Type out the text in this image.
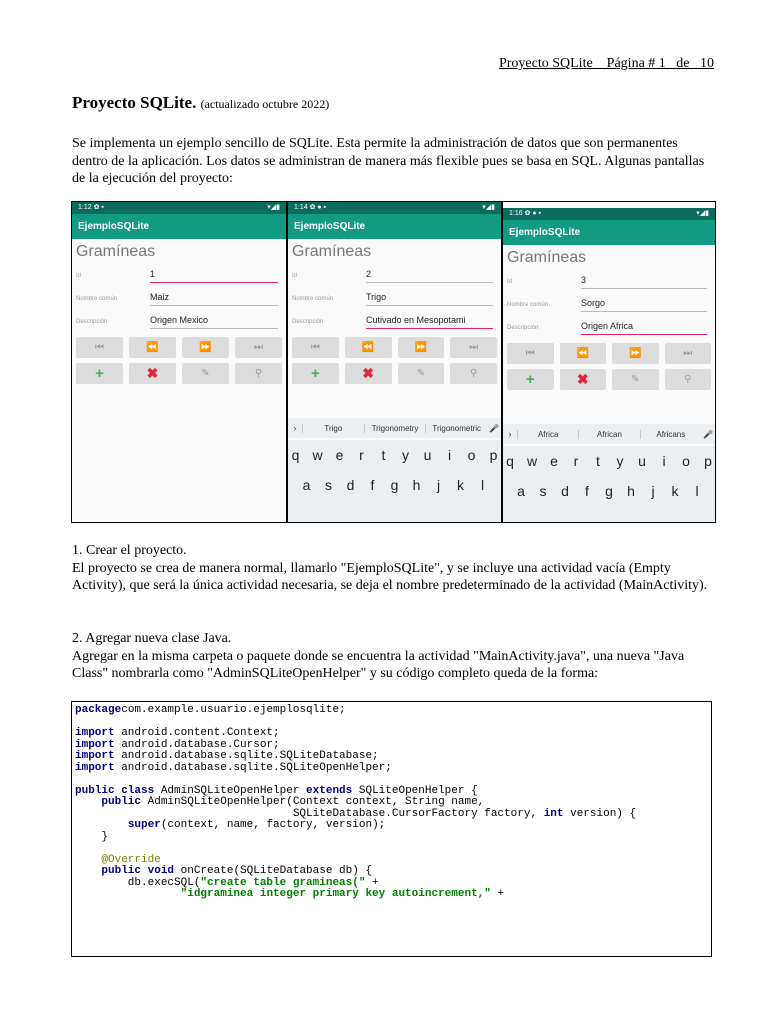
Proyecto SQLite    Página # 1   de   10
Proyecto SQLite. (actualizado octubre 2022)
Se implementa un ejemplo sencillo de SQLite. Esta permite la administración de datos que son permanentes dentro de la aplicación. Los datos se administran de manera más flexible pues se basa en SQL. Algunas pantallas de la ejecución del proyecto:
1:12 ✿ ▪	▾◢▮
EjemploSQLite
Gramíneas
Id	1
Nombre común	Maiz
Descripción	Origen Mexico
⏮	⏪	⏩	⏭
+	✖	✎	⚲
1:14 ✿ ● ▪	▾◢▮
EjemploSQLite
Gramíneas
Id	2
Nombre común	Trigo
Descripción	Cutivado en Mesopotami
⏮	⏪	⏩	⏭
+	✖	✎	⚲
›	Trigo	Trigonometry	Trigonometric	🎤
q w e	r	t	y	u	i	o	p
a	s	d	f	g	h	j	k	l
1:16 ✿ ● ▪	▾◢▮
EjemploSQLite
Gramíneas
Id	3
Nombre común	Sorgo
Descripción	Origen Africa
⏮	⏪	⏩	⏭
+	✖	✎	⚲
›	Africa	African	Africans	🎤
q w e	r	t	y	u	i	o	p
a	s	d	f	g	h	j	k	l
1. Crear el proyecto.
El proyecto se crea de manera normal, llamarlo "EjemploSQLite", y se incluye una actividad vacía (Empty Activity), que será la única actividad necesaria, se deja el nombre predeterminado de la actividad (MainActivity).
2. Agregar nueva clase Java.
Agregar en la misma carpeta o paquete donde se encuentra la actividad "MainActivity.java", una nueva "Java Class" nombrarla como "AdminSQLiteOpenHelper" y su código completo queda de la forma:
packagecom.example.usuario.ejemplosqlite;
import android.content.Context;
import android.database.Cursor;
import android.database.sqlite.SQLiteDatabase;
import android.database.sqlite.SQLiteOpenHelper;
public class AdminSQLiteOpenHelper extends SQLiteOpenHelper {
public AdminSQLiteOpenHelper(Context context, String name,
SQLiteDatabase.CursorFactory factory, int version) {
super(context, name, factory, version);
}
@Override
public void onCreate(SQLiteDatabase db) {
db.execSQL("create table gramineas(" +
"idgraminea integer primary key autoincrement," +
